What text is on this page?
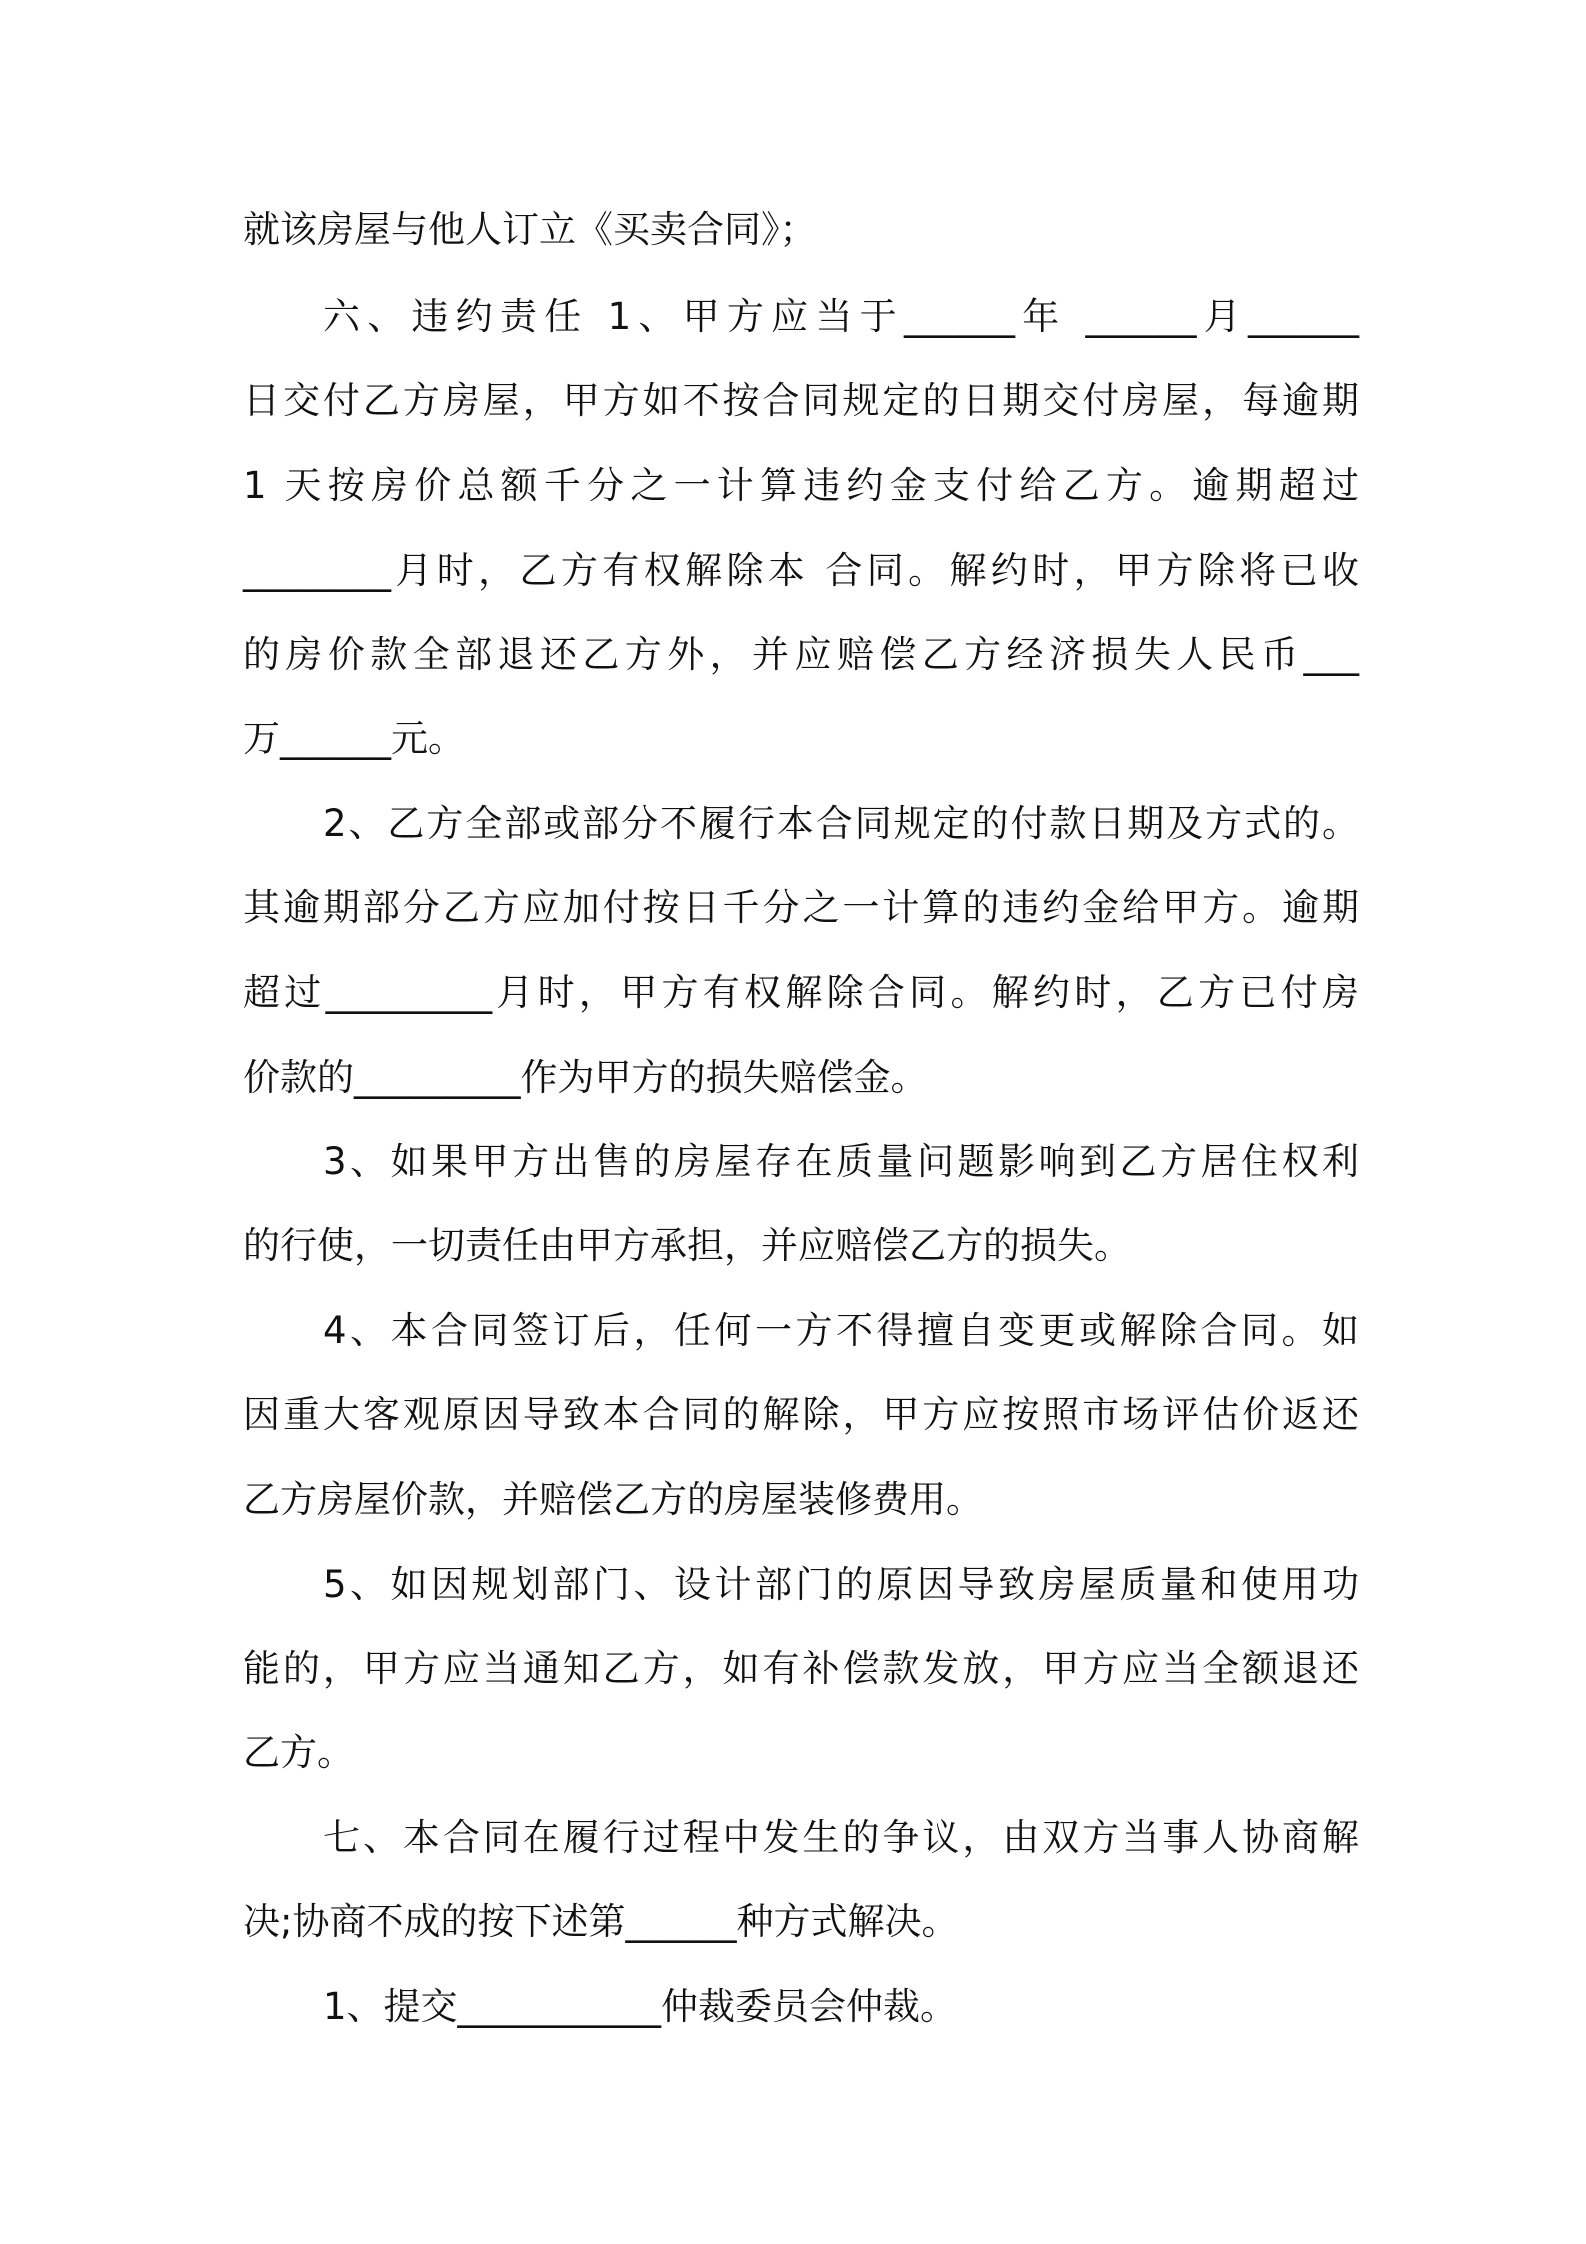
就该房屋与他人订立《买卖合同》；

六、违约责任 1、甲方应当于______年 ______月______

日交付乙方房屋，甲方如不按合同规定的日期交付房屋，每逾期

1 天按房价总额千分之一计算违约金支付给乙方。逾期超过

________月时，乙方有权解除本 合同。解约时，甲方除将已收

的房价款全部退还乙方外，并应赔偿乙方经济损失人民币___

万______元。

2、乙方全部或部分不履行本合同规定的付款日期及方式的。

其逾期部分乙方应加付按日千分之一计算的违约金给甲方。逾期

超过_________月时，甲方有权解除合同。解约时，乙方已付房

价款的_________作为甲方的损失赔偿金。

3、如果甲方出售的房屋存在质量问题影响到乙方居住权利

的行使，一切责任由甲方承担，并应赔偿乙方的损失。

4、本合同签订后，任何一方不得擅自变更或解除合同。如

因重大客观原因导致本合同的解除，甲方应按照市场评估价返还

乙方房屋价款，并赔偿乙方的房屋装修费用。

5、如因规划部门、设计部门的原因导致房屋质量和使用功

能的，甲方应当通知乙方，如有补偿款发放，甲方应当全额退还

乙方。

七、本合同在履行过程中发生的争议，由双方当事人协商解

决;协商不成的按下述第______种方式解决。

1、提交___________仲裁委员会仲裁。
